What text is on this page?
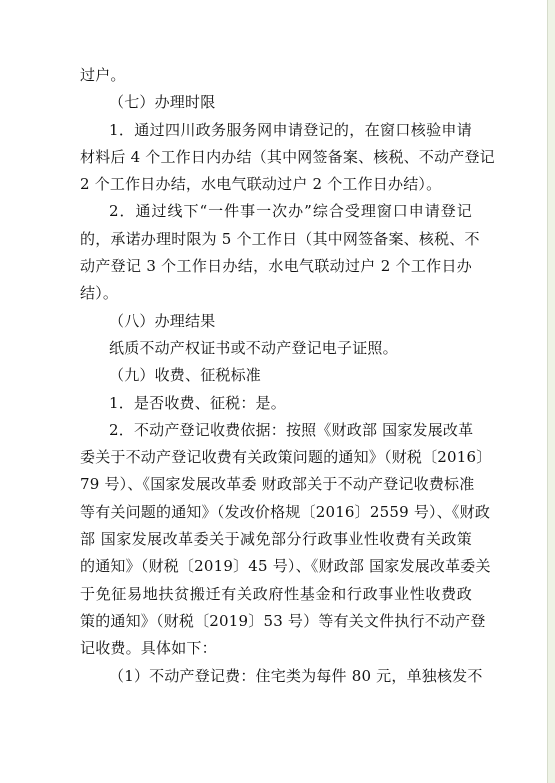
过户。
（七）办理时限
1．通过四川政务服务网申请登记的，在窗口核验申请
材料后 4 个工作日内办结（其中网签备案、核税、不动产登记
2 个工作日办结，水电气联动过户 2 个工作日办结）。
2．通过线下“一件事一次办”综合受理窗口申请登记
的，承诺办理时限为 5 个工作日（其中网签备案、核税、不
动产登记 3 个工作日办结，水电气联动过户 2 个工作日办
结）。
（八）办理结果
纸质不动产权证书或不动产登记电子证照。
（九）收费、征税标准
1．是否收费、征税：是。
2．不动产登记收费依据：按照《财政部 国家发展改革
委关于不动产登记收费有关政策问题的通知》（财税〔2016〕
79 号）、《国家发展改革委 财政部关于不动产登记收费标准
等有关问题的通知》（发改价格规〔2016〕2559 号）、《财政
部 国家发展改革委关于减免部分行政事业性收费有关政策
的通知》（财税〔2019〕45 号）、《财政部 国家发展改革委关
于免征易地扶贫搬迁有关政府性基金和行政事业性收费政
策的通知》（财税〔2019〕53 号）等有关文件执行不动产登
记收费。具体如下：
（1）不动产登记费：住宅类为每件 80 元，单独核发不
